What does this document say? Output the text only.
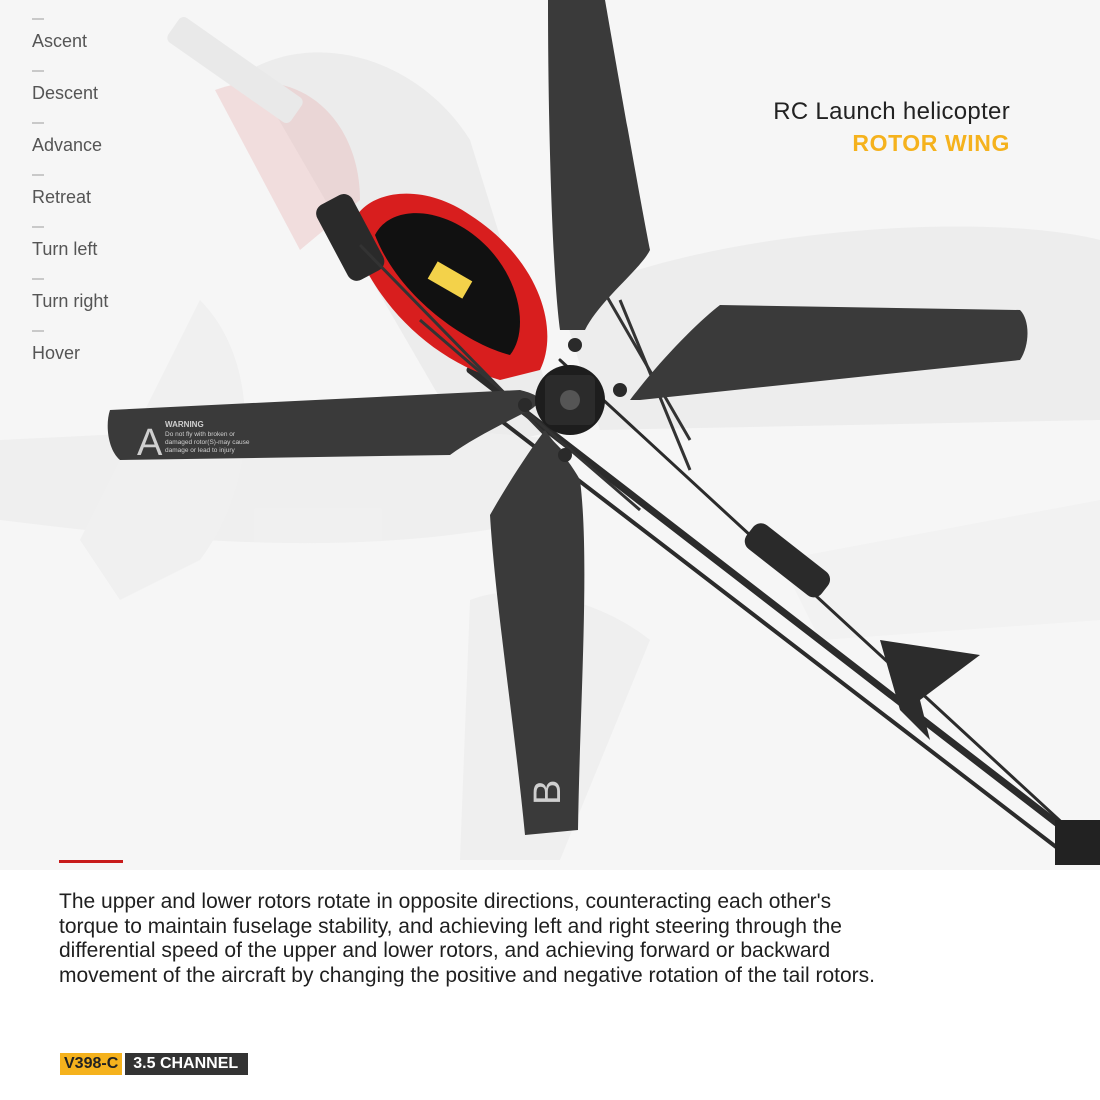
A WARNING
Do not fly with broken or
damaged rotor(S)-may cause
damage or lead to injury
B
Ascent
Descent
Advance
Retreat
Turn left
Turn right
Hover
RC Launch helicopter
ROTOR WING

The upper and lower rotors rotate in opposite directions, counteracting each other's torque to maintain fuselage stability, and achieving left and right steering through the differential speed of the upper and lower rotors, and achieving forward or backward movement of the aircraft by changing the positive and negative rotation of the tail rotors.

V398-C 3.5 CHANNEL
